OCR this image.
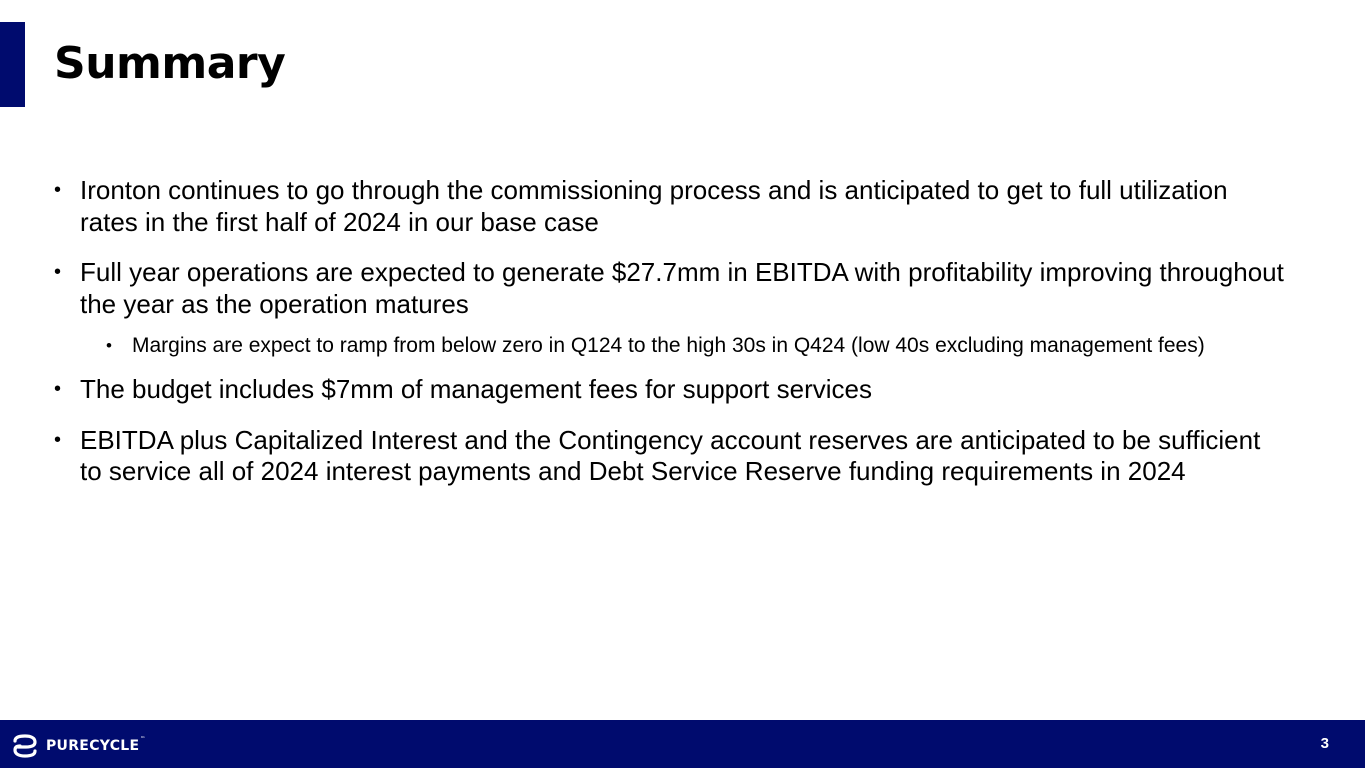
Summary
• Ironton continues to go through the commissioning process and is anticipated to get to full utilization rates in the first half of 2024 in our base case
• Full year operations are expected to generate $27.7mm in EBITDA with profitability improving throughout the year as the operation matures
• Margins are expect to ramp from below zero in Q124 to the high 30s in Q424 (low 40s excluding management fees)
• The budget includes $7mm of management fees for support services
• EBITDA plus Capitalized Interest and the Contingency account reserves are anticipated to be sufficient to service all of 2024 interest payments and Debt Service Reserve funding requirements in 2024
PURECYCLE™	3
